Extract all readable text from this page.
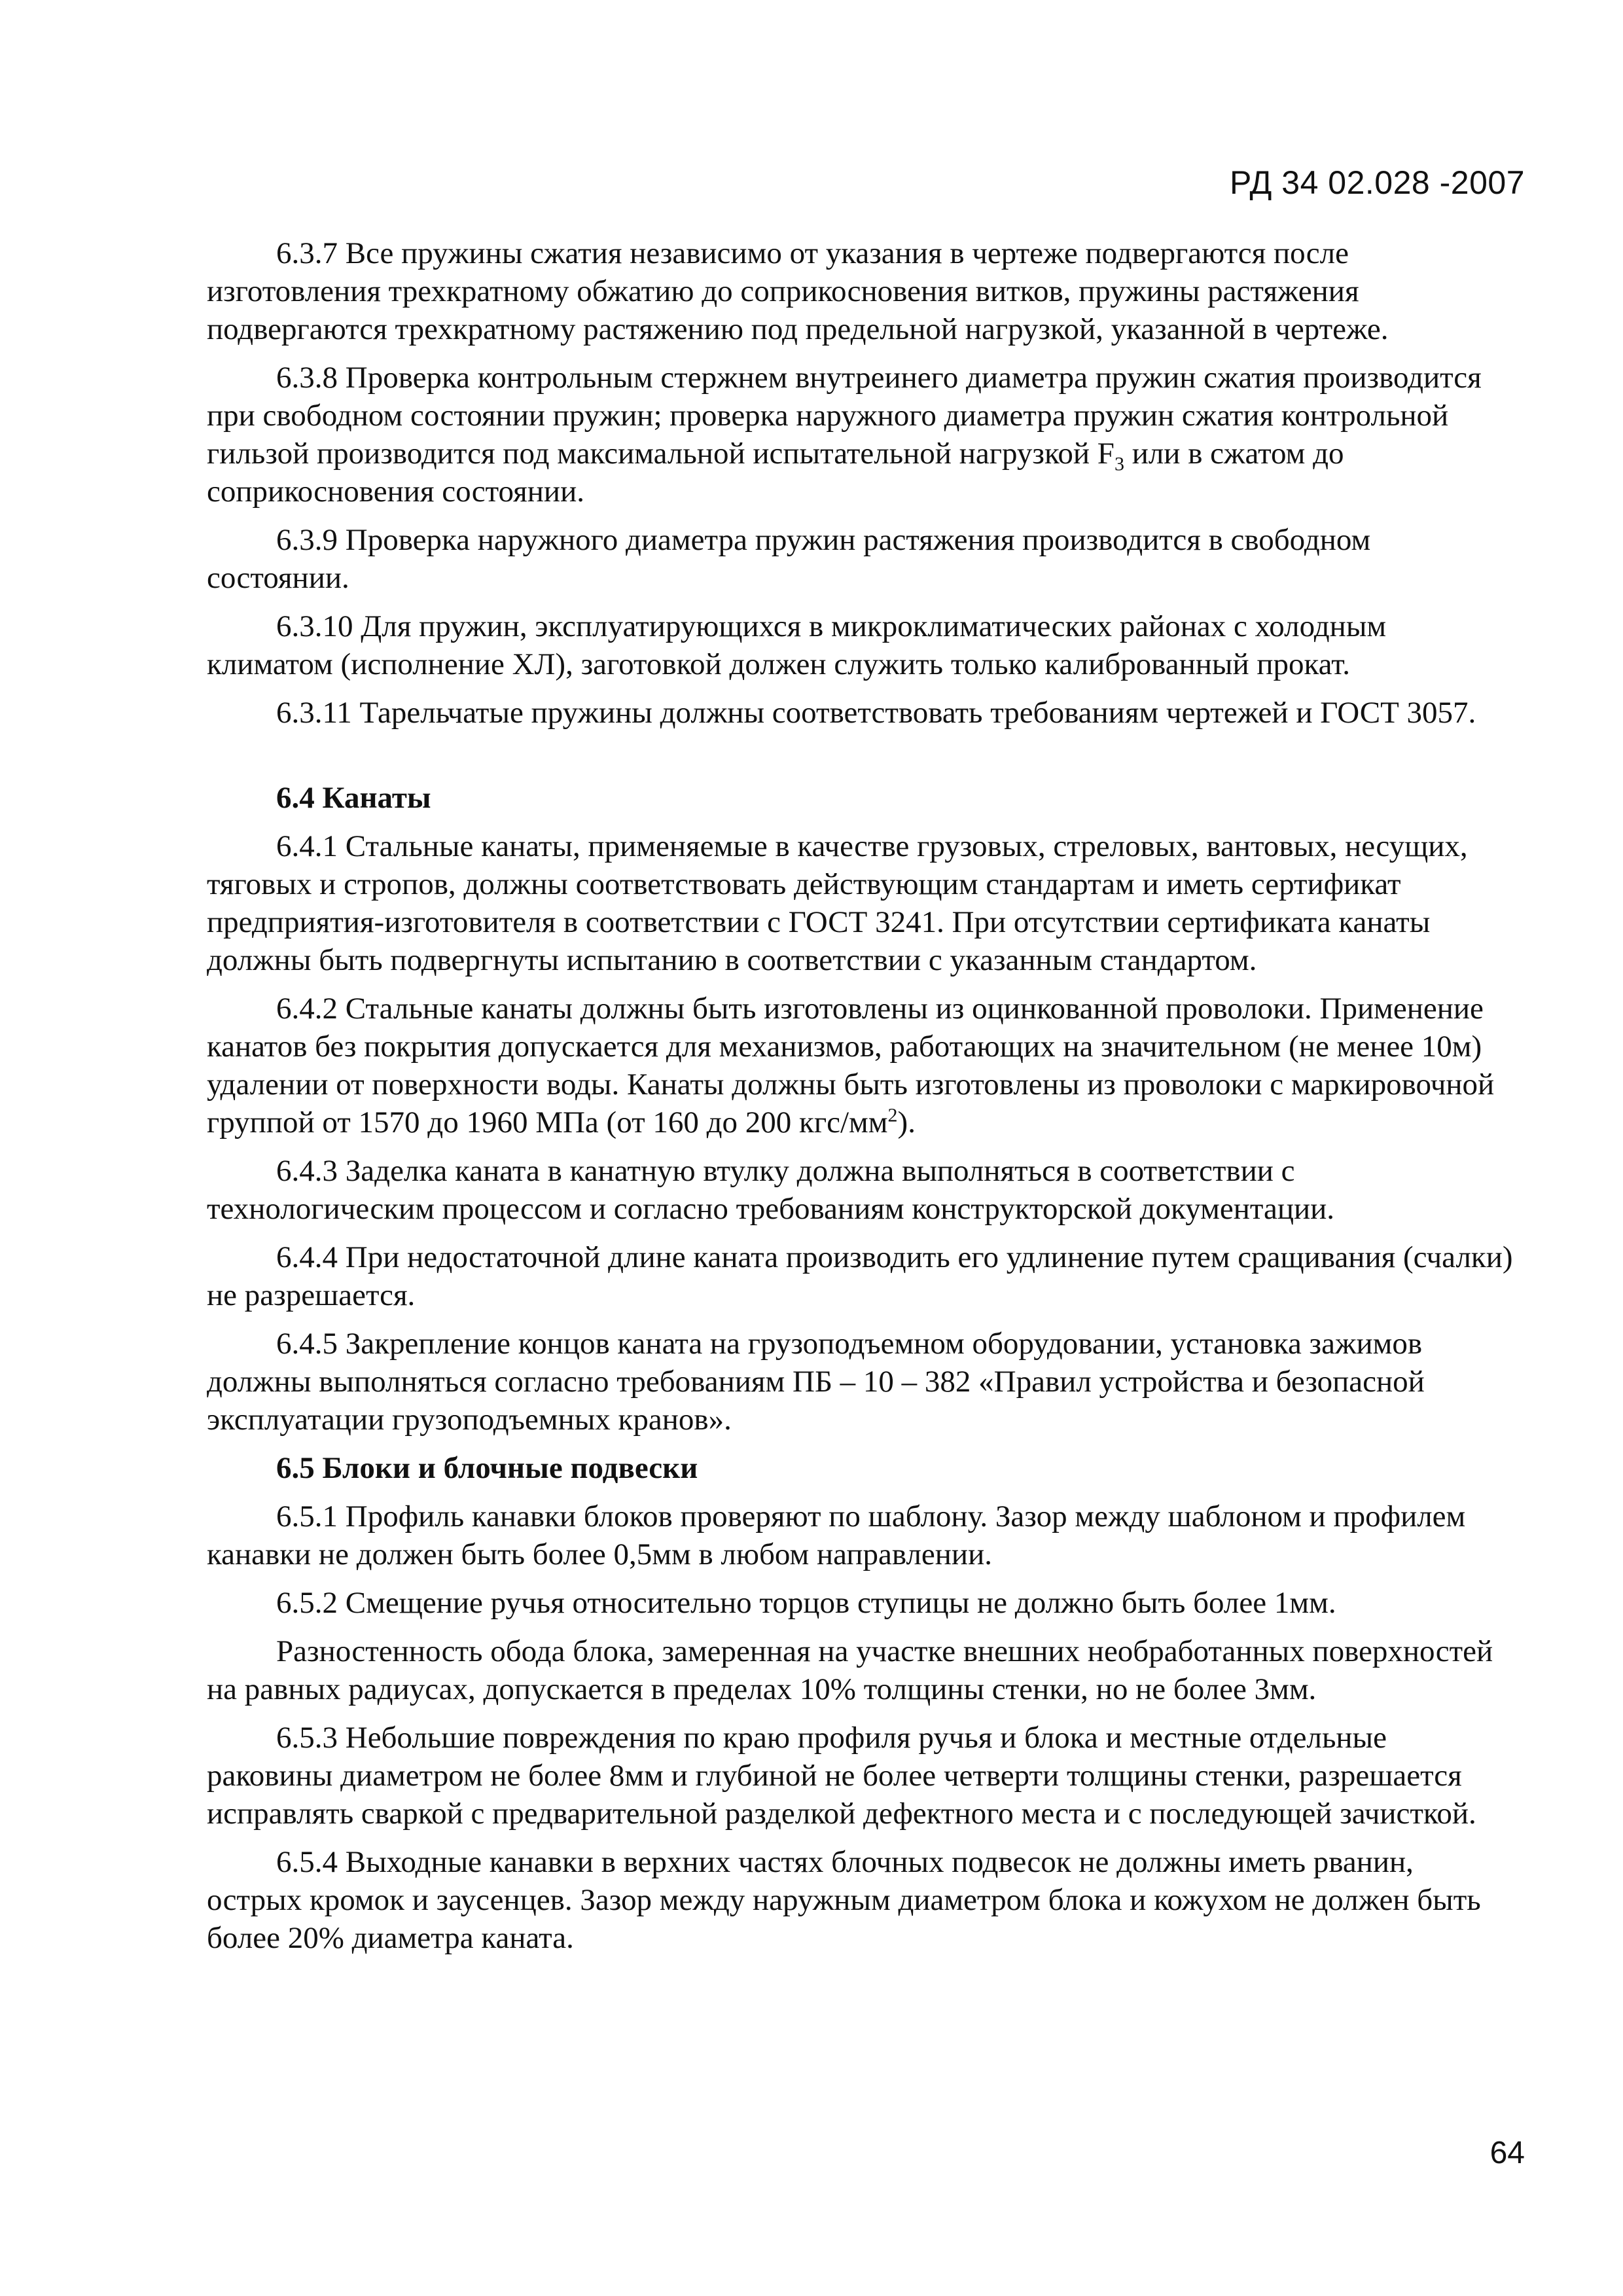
РД 34 02.028 -2007

6.3.7 Все пружины сжатия независимо от указания в чертеже подвергаются после изготовления трехкратному обжатию до соприкосновения витков, пружины растяжения подвергаются трехкратному растяжению под предельной нагрузкой, указанной в чертеже.

6.3.8 Проверка контрольным стержнем внутреинего диаметра пружин сжатия производится при свободном состоянии пружин; проверка наружного диаметра пружин сжатия контрольной гильзой производится под максимальной испытательной нагрузкой $F_3$ или в сжатом до соприкосновения состоянии.

6.3.9 Проверка наружного диаметра пружин растяжения производится в свободном состоянии.

6.3.10 Для пружин, эксплуатирующихся в микроклиматических районах с холодным климатом (исполнение ХЛ), заготовкой должен служить только калиброванный прокат.

6.3.11 Тарельчатые пружины должны соответствовать требованиям чертежей и ГОСТ 3057.

6.4 Канаты

6.4.1 Стальные канаты, применяемые в качестве грузовых, стреловых, вантовых, несущих, тяговых и стропов, должны соответствовать действующим стандартам и иметь сертификат предприятия-изготовителя в соответствии с ГОСТ 3241. При отсутствии сертификата канаты должны быть подвергнуты испытанию в соответствии с указанным стандартом.

6.4.2 Стальные канаты должны быть изготовлены из оцинкованной проволоки. Применение канатов без покрытия допускается для механизмов, работающих на значительном (не менее 10м) удалении от поверхности воды. Канаты должны быть изготовлены из проволоки с маркировочной группой от 1570 до 1960 МПа (от 160 до 200 кгс/$мм^2$).

6.4.3 Заделка каната в канатную втулку должна выполняться в соответствии с технологическим процессом и согласно требованиям конструкторской документации.

6.4.4 При недостаточной длине каната производить его удлинение путем сращивания (счалки) не разрешается.

6.4.5 Закрепление концов каната на грузоподъемном оборудовании, установка зажимов должны выполняться согласно требованиям ПБ – 10 – 382 «Правил устройства и безопасной эксплуатации грузоподъемных кранов».

6.5 Блоки и блочные подвески

6.5.1 Профиль канавки блоков проверяют по шаблону. Зазор между шаблоном и профилем канавки не должен быть более 0,5мм в любом направлении.

6.5.2 Смещение ручья относительно торцов ступицы не должно быть более 1мм.

Разностенность обода блока, замеренная на участке внешних необработанных поверхностей на равных радиусах, допускается в пределах 10% толщины стенки, но не более 3мм.

6.5.3 Небольшие повреждения по краю профиля ручья и блока и местные отдельные раковины диаметром не более 8мм и глубиной не более четверти толщины стенки, разрешается исправлять сваркой с предварительной разделкой дефектного места и с последующей зачисткой.

6.5.4 Выходные канавки в верхних частях блочных подвесок не должны иметь рванин, острых кромок и заусенцев. Зазор между наружным диаметром блока и кожухом не должен быть более 20% диаметра каната.

64
